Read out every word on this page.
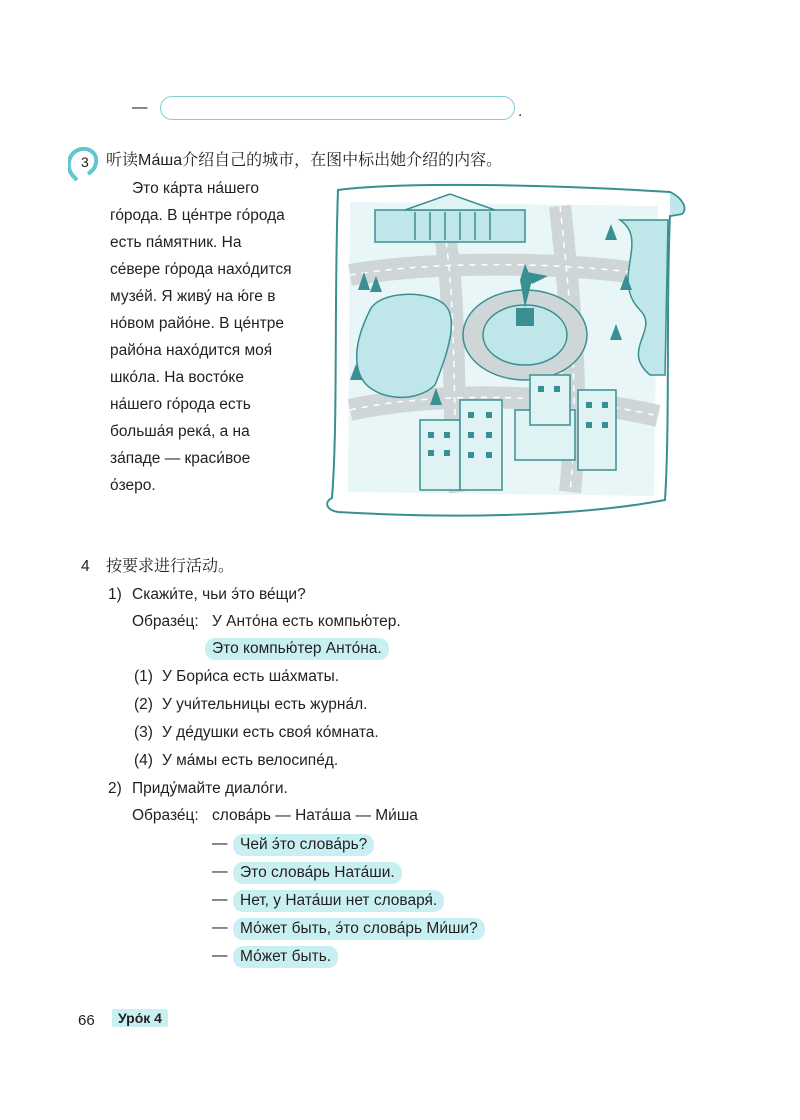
—	.
3 听读Ма́ша介绍自己的城市，在图中标出她介绍的内容。
Это ка́рта на́шего
го́рода. В це́нтре го́рода
есть па́мятник. На
се́вере го́рода нахо́дится
музе́й. Я живу́ на ю́ге в
но́вом райо́не. В це́нтре
райо́на нахо́дится моя́
шко́ла. На восто́ке
на́шего го́рода есть
больша́я река́, а на
за́паде — краси́вое
о́зеро.
4 按要求进行活动。
1) Скажи́те, чьи э́то ве́щи?
Образе́ц: У Анто́на есть компью́тер.
Это компью́тер Анто́на.
(1) У Бори́са есть ша́хматы.
(2) У учи́тельницы есть журна́л.
(3) У де́душки есть своя́ ко́мната.
(4) У ма́мы есть велосипе́д.
2) Приду́майте диало́ги.
Образе́ц: слова́рь — Ната́ша — Ми́ша
— Чей э́то слова́рь?
— Это слова́рь Ната́ши.
— Нет, у Ната́ши нет словаря́.
— Мо́жет быть, э́то слова́рь Ми́ши?
— Мо́жет быть.
66	Уро́к 4
